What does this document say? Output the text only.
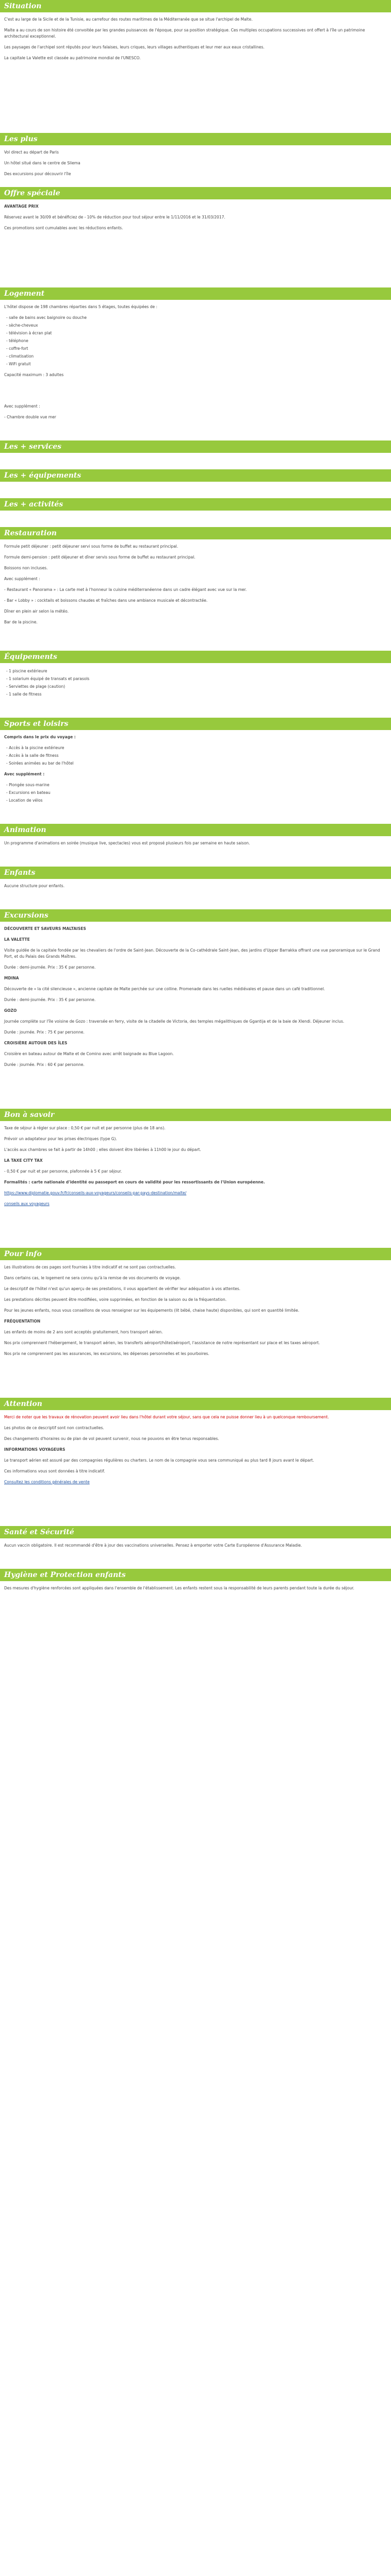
Situation
C'est au large de la Sicile et de la Tunisie, au carrefour des routes maritimes de la Méditerranée que se situe l'archipel de Malte.
Malte a au cours de son histoire été convoitée par les grandes puissances de l'époque, pour sa position stratégique. Ces multiples occupations successives ont offert à l'île un patrimoine architectural exceptionnel.
Les paysages de l'archipel sont réputés pour leurs falaises, leurs criques, leurs villages authentiques et leur mer aux eaux cristallines.
La capitale La Valette est classée au patrimoine mondial de l'UNESCO.
Les plus
Vol direct au départ de Paris
Un hôtel situé dans le centre de Sliema
Des excursions pour découvrir l'île
Offre spéciale
AVANTAGE PRIX
Réservez avant le 30/09 et bénéficiez de - 10% de réduction pour tout séjour entre le 1/11/2016 et le 31/03/2017.
Ces promotions sont cumulables avec les réductions enfants.
Logement
L'hôtel dispose de 198 chambres réparties dans 5 étages, toutes équipées de :
- salle de bains avec baignoire ou douche
- sèche-cheveux
- télévision à écran plat
- téléphone
- coffre-fort
- climatisation
- WiFi gratuit
Capacité maximum : 3 adultes
Avec supplément :
- Chambre double vue mer
Les + services
Les + équipements
Les + activités
Restauration
Formule petit déjeuner : petit déjeuner servi sous forme de buffet au restaurant principal.
Formule demi-pension : petit déjeuner et dîner servis sous forme de buffet au restaurant principal.
Boissons non incluses.
Avec supplément :
- Restaurant « Panorama » : La carte met à l'honneur la cuisine méditerranéenne dans un cadre élégant avec vue sur la mer.
- Bar « Lobby » : cocktails et boissons chaudes et fraîches dans une ambiance musicale et décontractée.
Dîner en plein air selon la météo.
Bar de la piscine.
Équipements
- 1 piscine extérieure
- 1 solarium équipé de transats et parasols
- Serviettes de plage (caution)
- 1 salle de fitness
Sports et loisirs
Compris dans le prix du voyage :
- Accès à la piscine extérieure
- Accès à la salle de fitness
- Soirées animées au bar de l'hôtel
Avec supplément :
- Plongée sous-marine
- Excursions en bateau
- Location de vélos
Animation
Un programme d'animations en soirée (musique live, spectacles) vous est proposé plusieurs fois par semaine en haute saison.
Enfants
Aucune structure pour enfants.
Excursions
DÉCOUVERTE ET SAVEURS MALTAISES
LA VALETTE
Visite guidée de la capitale fondée par les chevaliers de l'ordre de Saint-Jean. Découverte de la Co-cathédrale Saint-Jean, des jardins d'Upper Barrakka offrant une vue panoramique sur le Grand Port, et du Palais des Grands Maîtres.
Durée : demi-journée. Prix : 35 € par personne.
MDINA
Découverte de « la cité silencieuse », ancienne capitale de Malte perchée sur une colline. Promenade dans les ruelles médiévales et pause dans un café traditionnel.
Durée : demi-journée. Prix : 35 € par personne.
GOZO
Journée complète sur l'île voisine de Gozo : traversée en ferry, visite de la citadelle de Victoria, des temples mégalithiques de Ggantija et de la baie de Xlendi. Déjeuner inclus.
Durée : journée. Prix : 75 € par personne.
CROISIÈRE AUTOUR DES ÎLES
Croisière en bateau autour de Malte et de Comino avec arrêt baignade au Blue Lagoon.
Durée : journée. Prix : 60 € par personne.
Bon à savoir
Taxe de séjour à régler sur place : 0,50 € par nuit et par personne (plus de 18 ans).
Prévoir un adaptateur pour les prises électriques (type G).
L'accès aux chambres se fait à partir de 14h00 ; elles doivent être libérées à 11h00 le jour du départ.
LA TAXE CITY TAX
- 0,50 € par nuit et par personne, plafonnée à 5 € par séjour.
Formalités : carte nationale d'identité ou passeport en cours de validité pour les ressortissants de l'Union européenne.
https://www.diplomatie.gouv.fr/fr/conseils-aux-voyageurs/conseils-par-pays-destination/malte/
conseils aux voyageurs
Pour info
Les illustrations de ces pages sont fournies à titre indicatif et ne sont pas contractuelles.
Dans certains cas, le logement ne sera connu qu'à la remise de vos documents de voyage.
Le descriptif de l'hôtel n'est qu'un aperçu de ses prestations, il vous appartient de vérifier leur adéquation à vos attentes.
Les prestations décrites peuvent être modifiées, voire supprimées, en fonction de la saison ou de la fréquentation.
Pour les jeunes enfants, nous vous conseillons de vous renseigner sur les équipements (lit bébé, chaise haute) disponibles, qui sont en quantité limitée.
FRÉQUENTATION
Les enfants de moins de 2 ans sont acceptés gratuitement, hors transport aérien.
Nos prix comprennent l'hébergement, le transport aérien, les transferts aéroport/hôtel/aéroport, l'assistance de notre représentant sur place et les taxes aéroport.
Nos prix ne comprennent pas les assurances, les excursions, les dépenses personnelles et les pourboires.
Attention
Merci de noter que les travaux de rénovation peuvent avoir lieu dans l'hôtel durant votre séjour, sans que cela ne puisse donner lieu à un quelconque remboursement.
Les photos de ce descriptif sont non contractuelles.
Des changements d'horaires ou de plan de vol peuvent survenir, nous ne pouvons en être tenus responsables.
INFORMATIONS VOYAGEURS
Le transport aérien est assuré par des compagnies régulières ou charters. Le nom de la compagnie vous sera communiqué au plus tard 8 jours avant le départ.
Ces informations vous sont données à titre indicatif.
Consultez les conditions générales de vente
Santé et Sécurité
Aucun vaccin obligatoire. Il est recommandé d'être à jour des vaccinations universelles. Pensez à emporter votre Carte Européenne d'Assurance Maladie.
Hygiène et Protection enfants
Des mesures d'hygiène renforcées sont appliquées dans l'ensemble de l'établissement. Les enfants restent sous la responsabilité de leurs parents pendant toute la durée du séjour.
